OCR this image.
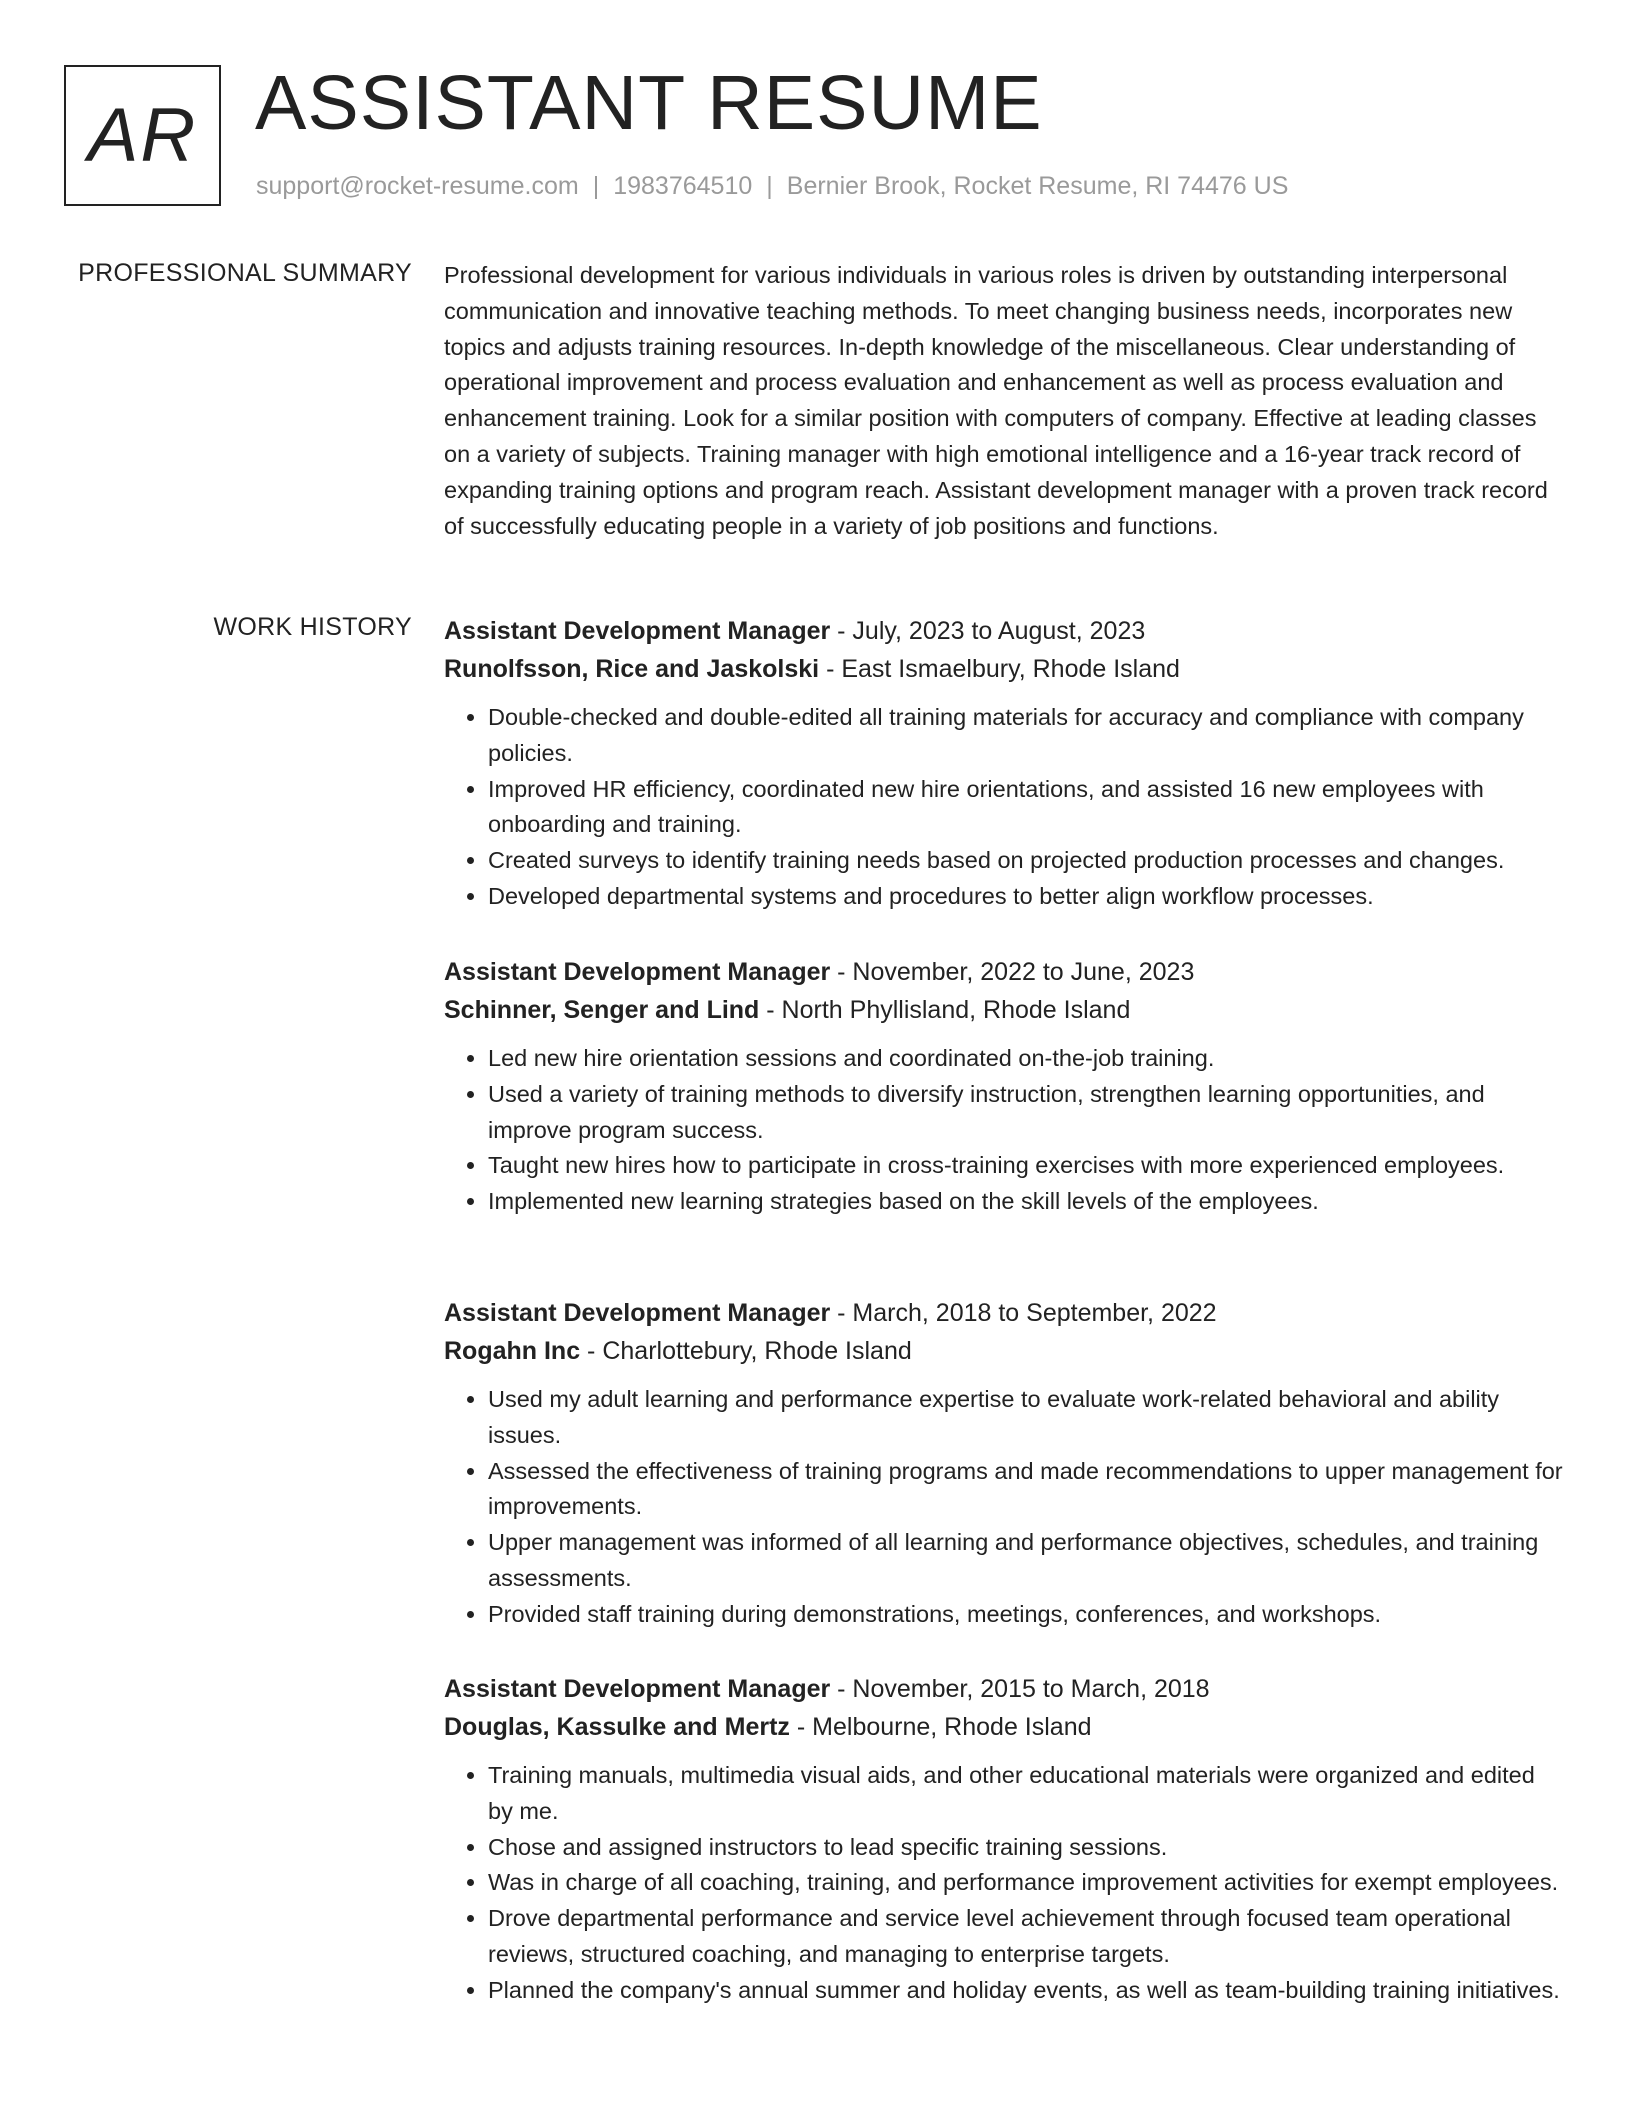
AR ASSISTANT RESUME
support@rocket-resume.com | 1983764510 | Bernier Brook, Rocket Resume, RI 74476 US
PROFESSIONAL SUMMARY Professional development for various individuals in various roles is driven by outstanding interpersonal communication and innovative teaching methods. To meet changing business needs, incorporates new topics and adjusts training resources. In-depth knowledge of the miscellaneous. Clear understanding of operational improvement and process evaluation and enhancement as well as process evaluation and enhancement training. Look for a similar position with computers of company. Effective at leading classes on a variety of subjects. Training manager with high emotional intelligence and a 16-year track record of expanding training options and program reach. Assistant development manager with a proven track record of successfully educating people in a variety of job positions and functions.
WORK HISTORY Assistant Development Manager - July, 2023 to August, 2023
Runolfsson, Rice and Jaskolski - East Ismaelbury, Rhode Island
• Double-checked and double-edited all training materials for accuracy and compliance with company policies.
• Improved HR efficiency, coordinated new hire orientations, and assisted 16 new employees with onboarding and training.
• Created surveys to identify training needs based on projected production processes and changes.
• Developed departmental systems and procedures to better align workflow processes.
Assistant Development Manager - November, 2022 to June, 2023
Schinner, Senger and Lind - North Phyllisland, Rhode Island
• Led new hire orientation sessions and coordinated on-the-job training.
• Used a variety of training methods to diversify instruction, strengthen learning opportunities, and improve program success.
• Taught new hires how to participate in cross-training exercises with more experienced employees.
• Implemented new learning strategies based on the skill levels of the employees.
Assistant Development Manager - March, 2018 to September, 2022
Rogahn Inc - Charlottebury, Rhode Island
• Used my adult learning and performance expertise to evaluate work-related behavioral and ability issues.
• Assessed the effectiveness of training programs and made recommendations to upper management for improvements.
• Upper management was informed of all learning and performance objectives, schedules, and training assessments.
• Provided staff training during demonstrations, meetings, conferences, and workshops.
Assistant Development Manager - November, 2015 to March, 2018
Douglas, Kassulke and Mertz - Melbourne, Rhode Island
• Training manuals, multimedia visual aids, and other educational materials were organized and edited by me.
• Chose and assigned instructors to lead specific training sessions.
• Was in charge of all coaching, training, and performance improvement activities for exempt employees.
• Drove departmental performance and service level achievement through focused team operational reviews, structured coaching, and managing to enterprise targets.
• Planned the company's annual summer and holiday events, as well as team-building training initiatives.
